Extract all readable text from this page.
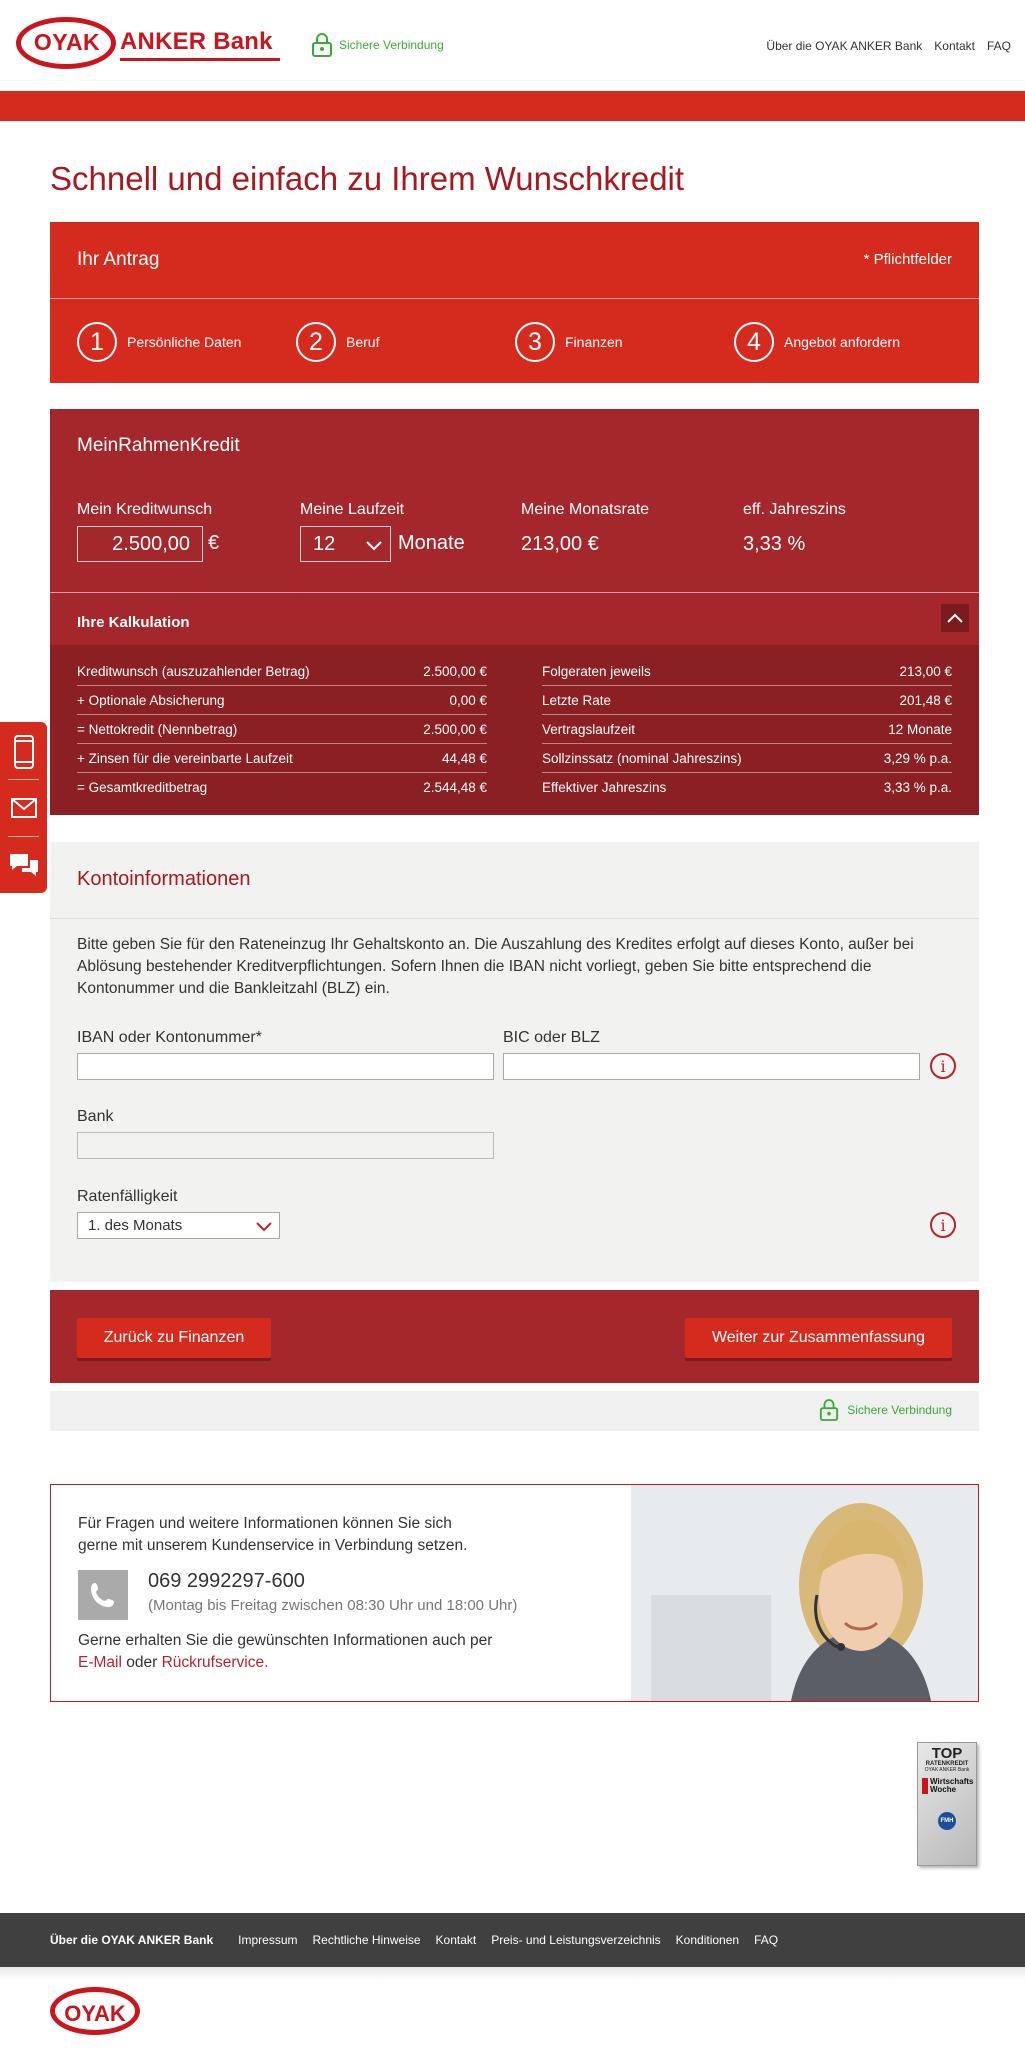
OYAK ANKER Bank	Sichere Verbindung	Über die OYAK ANKER Bank Kontakt FAQ
Schnell und einfach zu Ihrem Wunschkredit
Ihr Antrag	* Pflichtfelder
1	Persönliche Daten	2	Beruf	3	Finanzen	4	Angebot anfordern
MeinRahmenKredit
Mein Kreditwunsch
2.500,00 €
Meine Laufzeit
12	Monate
Meine Monatsrate
213,00 €
eff. Jahreszins
3,33 %
Ihre Kalkulation
Kreditwunsch (auszuzahlender Betrag)	2.500,00 €
+ Optionale Absicherung	0,00 €
= Nettokredit (Nennbetrag)	2.500,00 €
+ Zinsen für die vereinbarte Laufzeit	44,48 €
= Gesamtkreditbetrag	2.544,48 €
Folgeraten jeweils	213,00 €
Letzte Rate	201,48 €
Vertragslaufzeit	12 Monate
Sollzinssatz (nominal Jahreszins)	3,29 % p.a.
Effektiver Jahreszins	3,33 % p.a.
Kontoinformationen
Bitte geben Sie für den Rateneinzug Ihr Gehaltskonto an. Die Auszahlung des Kredites erfolgt auf dieses Konto, außer bei Ablösung bestehender Kreditverpflichtungen. Sofern Ihnen die IBAN nicht vorliegt, geben Sie bitte entsprechend die Kontonummer und die Bankleitzahl (BLZ) ein.
IBAN oder Kontonummer*	BIC oder BLZ
i
Bank
Ratenfälligkeit
1. des Monats	i
Zurück zu Finanzen	Weiter zur Zusammenfassung
Sichere Verbindung
Für Fragen und weitere Informationen können Sie sich
gerne mit unserem Kundenservice in Verbindung setzen.
069 2992297-600
(Montag bis Freitag zwischen 08:30 Uhr und 18:00 Uhr)
Gerne erhalten Sie die gewünschten Informationen auch per
E-Mail oder Rückrufservice.
TOP
RATENKREDIT
OYAK ANKER Bank
Wirtschafts
Woche
FMH
Über die OYAK ANKER Bank Impressum Rechtliche Hinweise Kontakt Preis- und Leistungsverzeichnis Konditionen FAQ
OYAK
